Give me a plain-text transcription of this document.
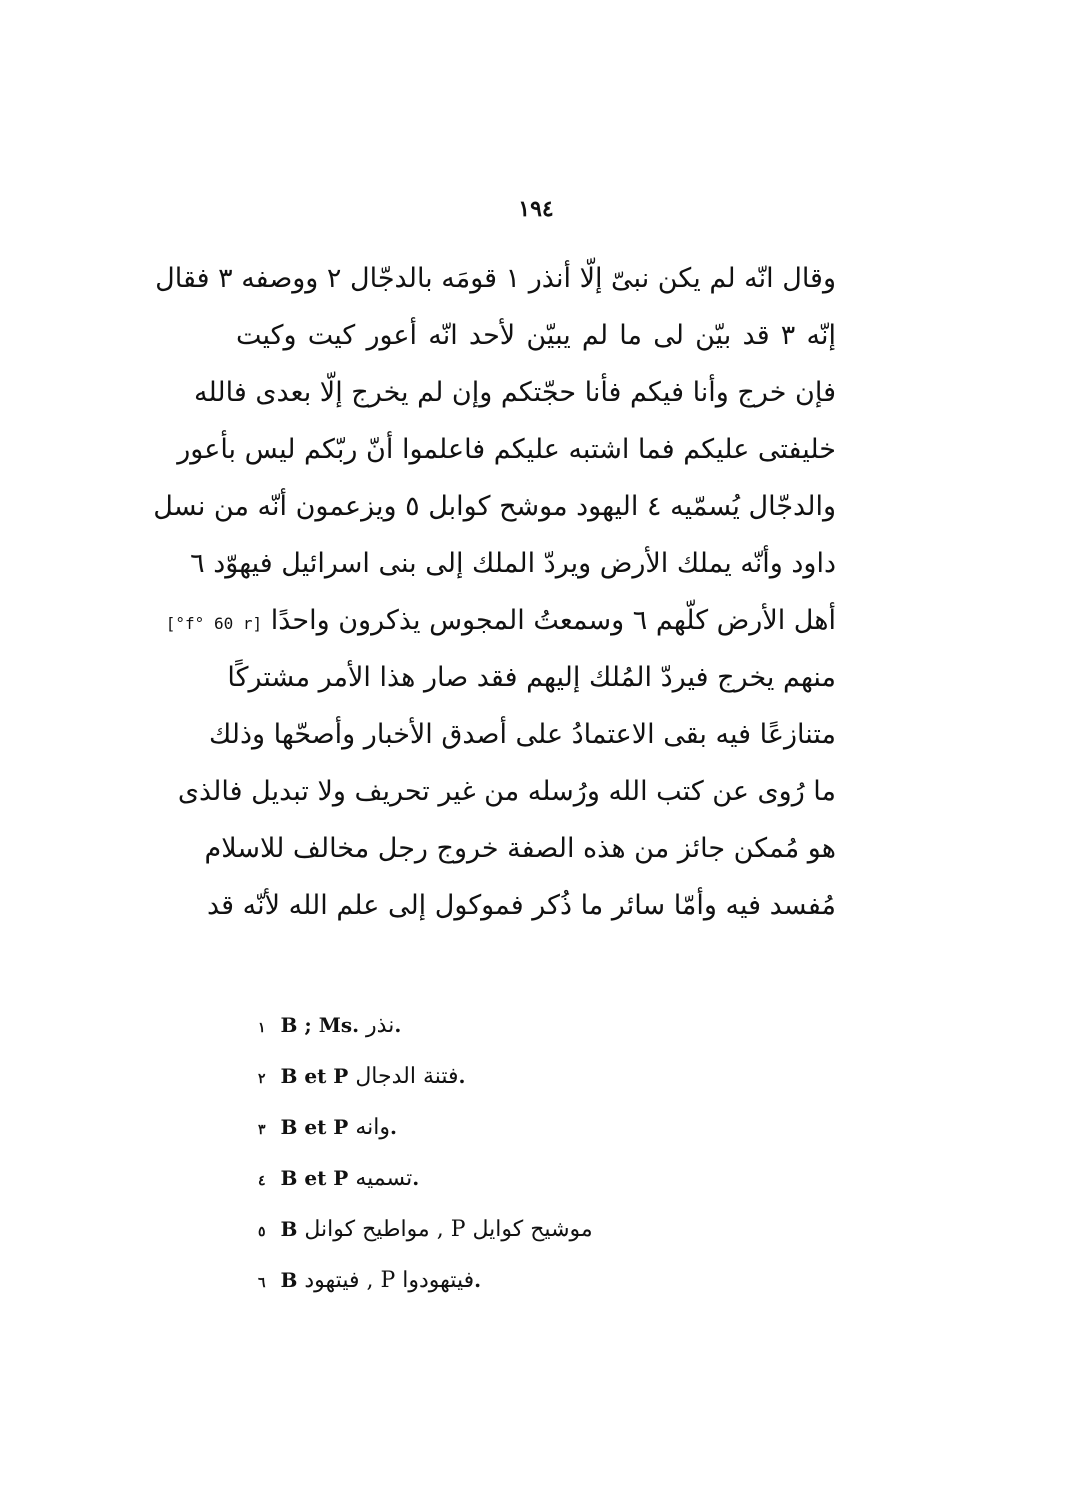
١٩٤
وقال انّه لم يكن نبىّ إلّا أنذر ١ قومَه بالدجّال ٢ ووصفه ٣ فقال
إنّه ٣ قد بيّن لى ما لم يبيّن لأحد انّه أعور كيت وكيت
فإن خرج وأنا فيكم فأنا حجّتكم وإن لم يخرج إلّا بعدى فالله
خليفتى عليكم فما اشتبه عليكم فاعلموا أنّ ربّكم ليس بأعور
والدجّال يُسمّيه ٤ اليهود موشح كوابل ٥ ويزعمون أنّه من نسل
داود وأنّه يملك الأرض ويردّ الملك إلى بنى اسرائيل فيهوّد ٦
أهل الأرض كلّهم ٦ وسمعتُ المجوس يذكرون واحدًا [f° 60 r°]
منهم يخرج فيردّ المُلك إليهم فقد صار هذا الأمر مشتركًا
متنازعًا فيه بقى الاعتمادُ على أصدق الأخبار وأصحّها وذلك
ما رُوى عن كتب الله ورُسله من غير تحريف ولا تبديل فالذى
هو مُمكن جائز من هذه الصفة خروج رجل مخالف للاسلام
مُفسد فيه وأمّا سائر ما ذُكر فموكول إلى علم الله لأنّه قد
١ B ; Ms. نذر.
٢ B et P فتنة الدجال.
٣ B et P وانه.
٤ B et P تسميه.
٥ B مواطيح كوانل , P موشيح كوايل
٦ B فيتهود , P فيتهودوا.
